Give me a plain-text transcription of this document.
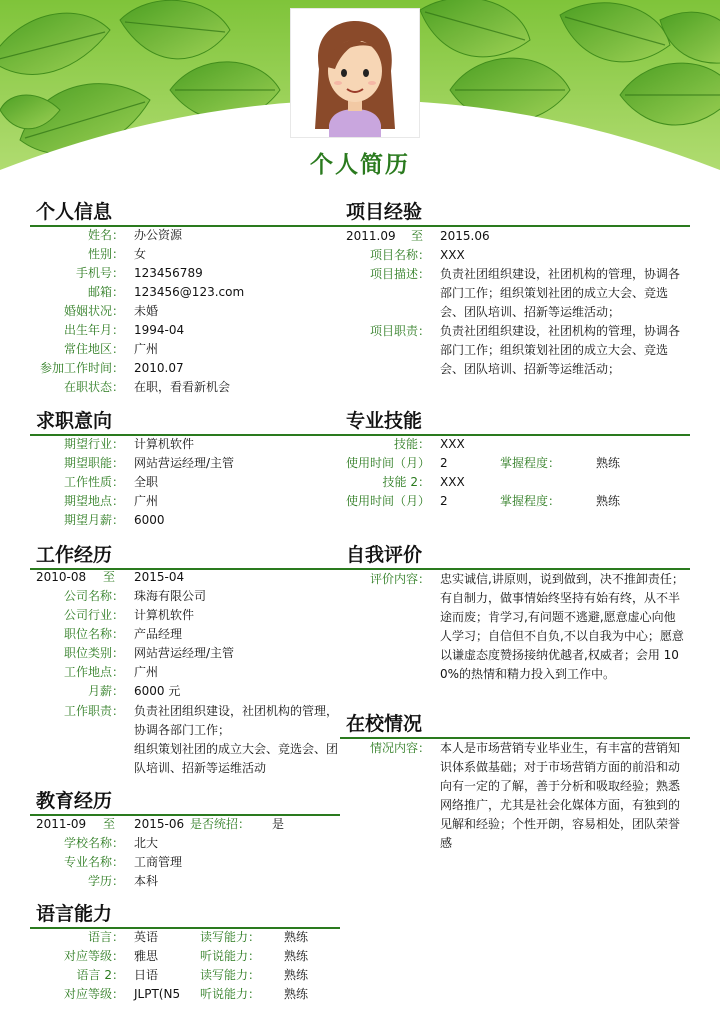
个人简历
个人信息
姓名： 办公资源
性别： 女
手机号： 123456789
邮箱： 123456@123.com
婚姻状况： 未婚
出生年月： 1994-04
常住地区： 广州
参加工作时间： 2010.07
在职状态： 在职，看看新机会
求职意向
期望行业： 计算机软件
期望职能： 网站营运经理/主管
工作性质： 全职
期望地点： 广州
期望月薪： 6000
工作经历
2010-08 至 2015-04
公司名称： 珠海有限公司
公司行业： 计算机软件
职位名称： 产品经理
职位类别： 网站营运经理/主管
工作地点： 广州
月薪： 6000 元
工作职责： 负责社团组织建设，社团机构的管理，协调各部门工作；
组织策划社团的成立大会、竞选会、团队培训、招新等运维活动
教育经历
2011-09 至 2015-06 是否统招：	是
学校名称： 北大
专业名称： 工商管理
学历： 本科
语言能力
语言： 英语	读写能力：	熟练
对应等级： 雅思	听说能力：	熟练
语言 2： 日语	读写能力：	熟练
对应等级： JLPT(N5 听说能力：	熟练
项目经验
2011.09 至 2015.06
项目名称： XXX
项目描述： 负责社团组织建设，社团机构的管理，协调各部门工作；组织策划社团的成立大会、竞选会、团队培训、招新等运维活动；
项目职责： 负责社团组织建设，社团机构的管理，协调各部门工作；组织策划社团的成立大会、竞选会、团队培训、招新等运维活动；
专业技能
技能： XXX
使用时间（月） 2	掌握程度：	熟练
技能 2： XXX
使用时间（月） 2	掌握程度：	熟练
自我评价
评价内容： 忠实诚信,讲原则，说到做到，决不推卸责任；有自制力，做事情始终坚持有始有终，从不半途而废；肯学习,有问题不逃避,愿意虚心向他人学习；自信但不自负,不以自我为中心；愿意以谦虚态度赞扬接纳优越者,权威者；会用 100%的热情和精力投入到工作中。
在校情况
情况内容： 本人是市场营销专业毕业生，有丰富的营销知识体系做基础；对于市场营销方面的前沿和动向有一定的了解，善于分析和吸取经验；熟悉网络推广，尤其是社会化媒体方面，有独到的见解和经验；个性开朗，容易相处，团队荣誉感
